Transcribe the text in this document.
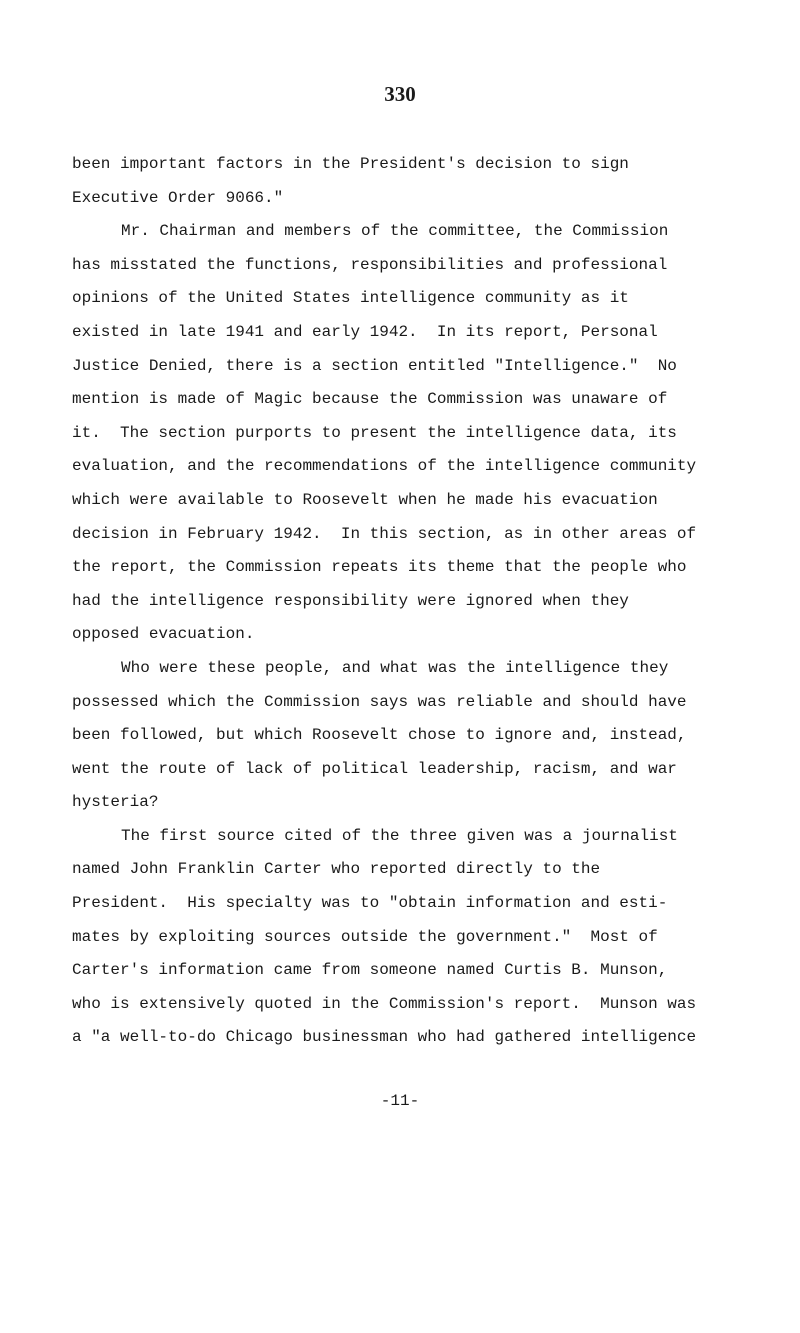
330
been important factors in the President's decision to sign
Executive Order 9066."
Mr. Chairman and members of the committee, the Commission
has misstated the functions, responsibilities and professional
opinions of the United States intelligence community as it
existed in late 1941 and early 1942.  In its report, Personal
Justice Denied, there is a section entitled "Intelligence."  No
mention is made of Magic because the Commission was unaware of
it.  The section purports to present the intelligence data, its
evaluation, and the recommendations of the intelligence community
which were available to Roosevelt when he made his evacuation
decision in February 1942.  In this section, as in other areas of
the report, the Commission repeats its theme that the people who
had the intelligence responsibility were ignored when they
opposed evacuation.
Who were these people, and what was the intelligence they
possessed which the Commission says was reliable and should have
been followed, but which Roosevelt chose to ignore and, instead,
went the route of lack of political leadership, racism, and war
hysteria?
The first source cited of the three given was a journalist
named John Franklin Carter who reported directly to the
President.  His specialty was to "obtain information and esti-
mates by exploiting sources outside the government."  Most of
Carter's information came from someone named Curtis B. Munson,
who is extensively quoted in the Commission's report.  Munson was
a "a well-to-do Chicago businessman who had gathered intelligence
-11-
